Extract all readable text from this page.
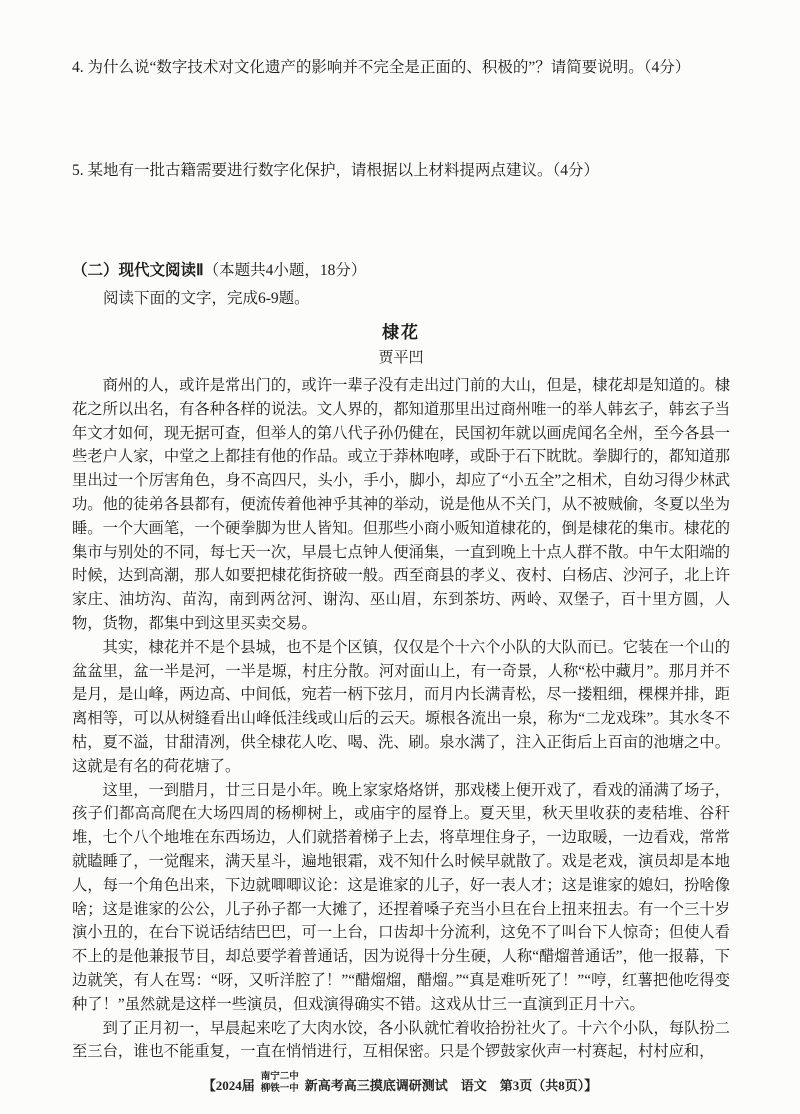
4. 为什么说“数字技术对文化遗产的影响并不完全是正面的、积极的”？请简要说明。（4分）
5. 某地有一批古籍需要进行数字化保护，请根据以上材料提两点建议。（4分）
（二）现代文阅读Ⅱ（本题共4小题，18分）
阅读下面的文字，完成6-9题。
棣花
贾平凹

商州的人，或许是常出门的，或许一辈子没有走出过门前的大山，但是，棣花却是知道的。棣花之所以出名，有各种各样的说法。文人界的，都知道那里出过商州唯一的举人韩玄子，韩玄子当年文才如何，现无据可查，但举人的第八代子孙仍健在，民国初年就以画虎闻名全州，至今各县一些老户人家，中堂之上都挂有他的作品。或立于莽林咆哮，或卧于石下眈眈。拳脚行的，都知道那里出过一个厉害角色，身不高四尺，头小，手小，脚小，却应了“小五全”之相术，自幼习得少林武功。他的徒弟各县都有，便流传着他神乎其神的举动，说是他从不关门，从不被贼偷，冬夏以坐为睡。一个大画笔，一个硬拳脚为世人皆知。但那些小商小贩知道棣花的，倒是棣花的集市。棣花的集市与别处的不同，每七天一次，早晨七点钟人便涌集，一直到晚上十点人群不散。中午太阳端的时候，达到高潮，那人如要把棣花街挤破一般。西至商县的孝义、夜村、白杨店、沙河子，北上许家庄、油坊沟、苗沟，南到两岔河、谢沟、巫山眉，东到茶坊、两岭、双堡子，百十里方圆，人物，货物，都集中到这里买卖交易。

其实，棣花并不是个县城，也不是个区镇，仅仅是个十六个小队的大队而已。它装在一个山的盆盆里，盆一半是河，一半是塬，村庄分散。河对面山上，有一奇景，人称“松中藏月”。那月并不是月，是山峰，两边高、中间低，宛若一柄下弦月，而月内长满青松，尽一搂粗细，棵棵并排，距离相等，可以从树缝看出山峰低洼线或山后的云天。塬根各流出一泉，称为“二龙戏珠”。其水冬不枯，夏不溢，甘甜清冽，供全棣花人吃、喝、洗、刷。泉水满了，注入正街后上百亩的池塘之中。这就是有名的荷花塘了。

这里，一到腊月，廿三日是小年。晚上家家烙烙饼，那戏楼上便开戏了，看戏的涌满了场子，孩子们都高高爬在大场四周的杨柳树上，或庙宇的屋脊上。夏天里，秋天里收获的麦秸堆、谷秆堆，七个八个地堆在东西场边，人们就搭着梯子上去，将草埋住身子，一边取暖，一边看戏，常常就瞌睡了，一觉醒来，满天星斗，遍地银霜，戏不知什么时候早就散了。戏是老戏，演员却是本地人，每一个角色出来，下边就唧唧议论：这是谁家的儿子，好一表人才；这是谁家的媳妇，扮啥像啥；这是谁家的公公，儿子孙子都一大摊了，还捏着嗓子充当小旦在台上扭来扭去。有一个三十岁演小丑的，在台下说话结结巴巴，可一上台，口齿却十分流利，这免不了叫台下人惊奇；但使人看不上的是他兼报节目，却总要学着普通话，因为说得十分生硬，人称“醋熘普通话”，他一报幕，下边就笑，有人在骂：“呀，又听洋腔了！”“醋熘熘，醋熘。”“真是难听死了！”“哼，红薯把他吃得变种了！”虽然就是这样一些演员，但戏演得确实不错。这戏从廿三一直演到正月十六。

到了正月初一，早晨起来吃了大肉水饺，各小队就忙着收拾扮社火了。十六个小队，每队扮二至三台，谁也不能重复，一直在悄悄进行，互相保密。只是个锣鼓家伙声一村赛起，村村应和，

【2024届
南宁二中
柳铁一中 新高考高三摸底调研测试　语文　第3页（共8页）】
